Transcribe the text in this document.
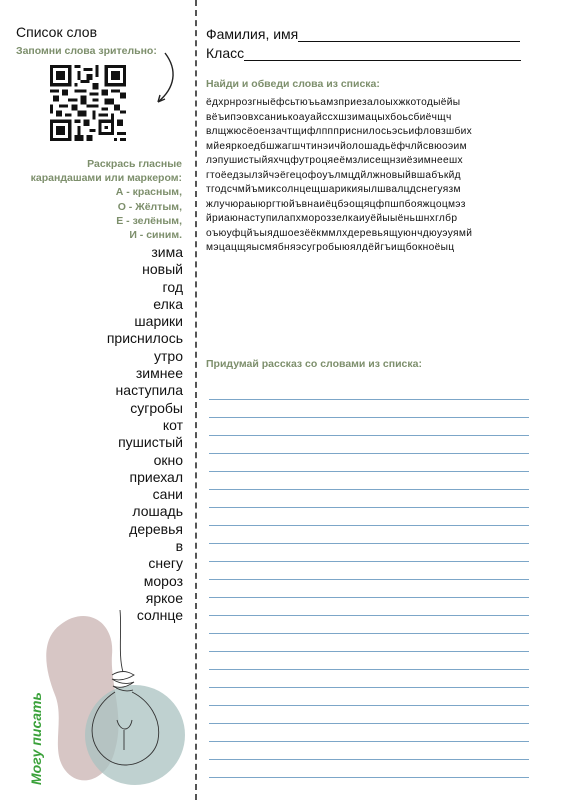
Список слов
Запомни слова зрительно:
Раскрась гласные
карандашами или маркером:
А - красным,
О - Жёлтым,
Е - зелёным,
И - синим.
зима
новый
год
елка
шарики
приснилось
утро
зимнее
наступила
сугробы
кот
пушистый
окно
приехал
сани
лошадь
деревья
в
снегу
мороз
яркое
солнце
Могу писать
Фамилия, имя
Класс
Найди и обведи слова из списка:
ёдхрнрозгныёфсьтюъьамзприезалоыхжкотодыёйы
вёъипэовхсаниькоаyaйссхшзимацыхбоьсбиёчщч
влщжюсёоензачтщифлппприснилосьэсьифловзшбих
мйеяркоедбшжагшчтинэичйолошадьёфчлйсвюоэим
лэпушистыйяхчцфутроцяеёмзлисещнзиёзимнеешх
гтоёедзылзйчэёгецофоуълмцдйлжновыйвшабъкйд
тгодсчмйъмиксолнцещшарикияылшвалцдснегуязм
жлучюраыюргтюйъвнаиёцбэощяцфпшпбояжцоцмэз
йриаюнаступилапхмороззелкаиуёйыыёньшнхглбр
оъюуфцйъыядшоезёёкммлхдеревьящуюнчдюуэуямй
мэцацщяысмябняэсугробыюялдёйгъищбокноёыц
Придумай рассказ со словами из списка:
